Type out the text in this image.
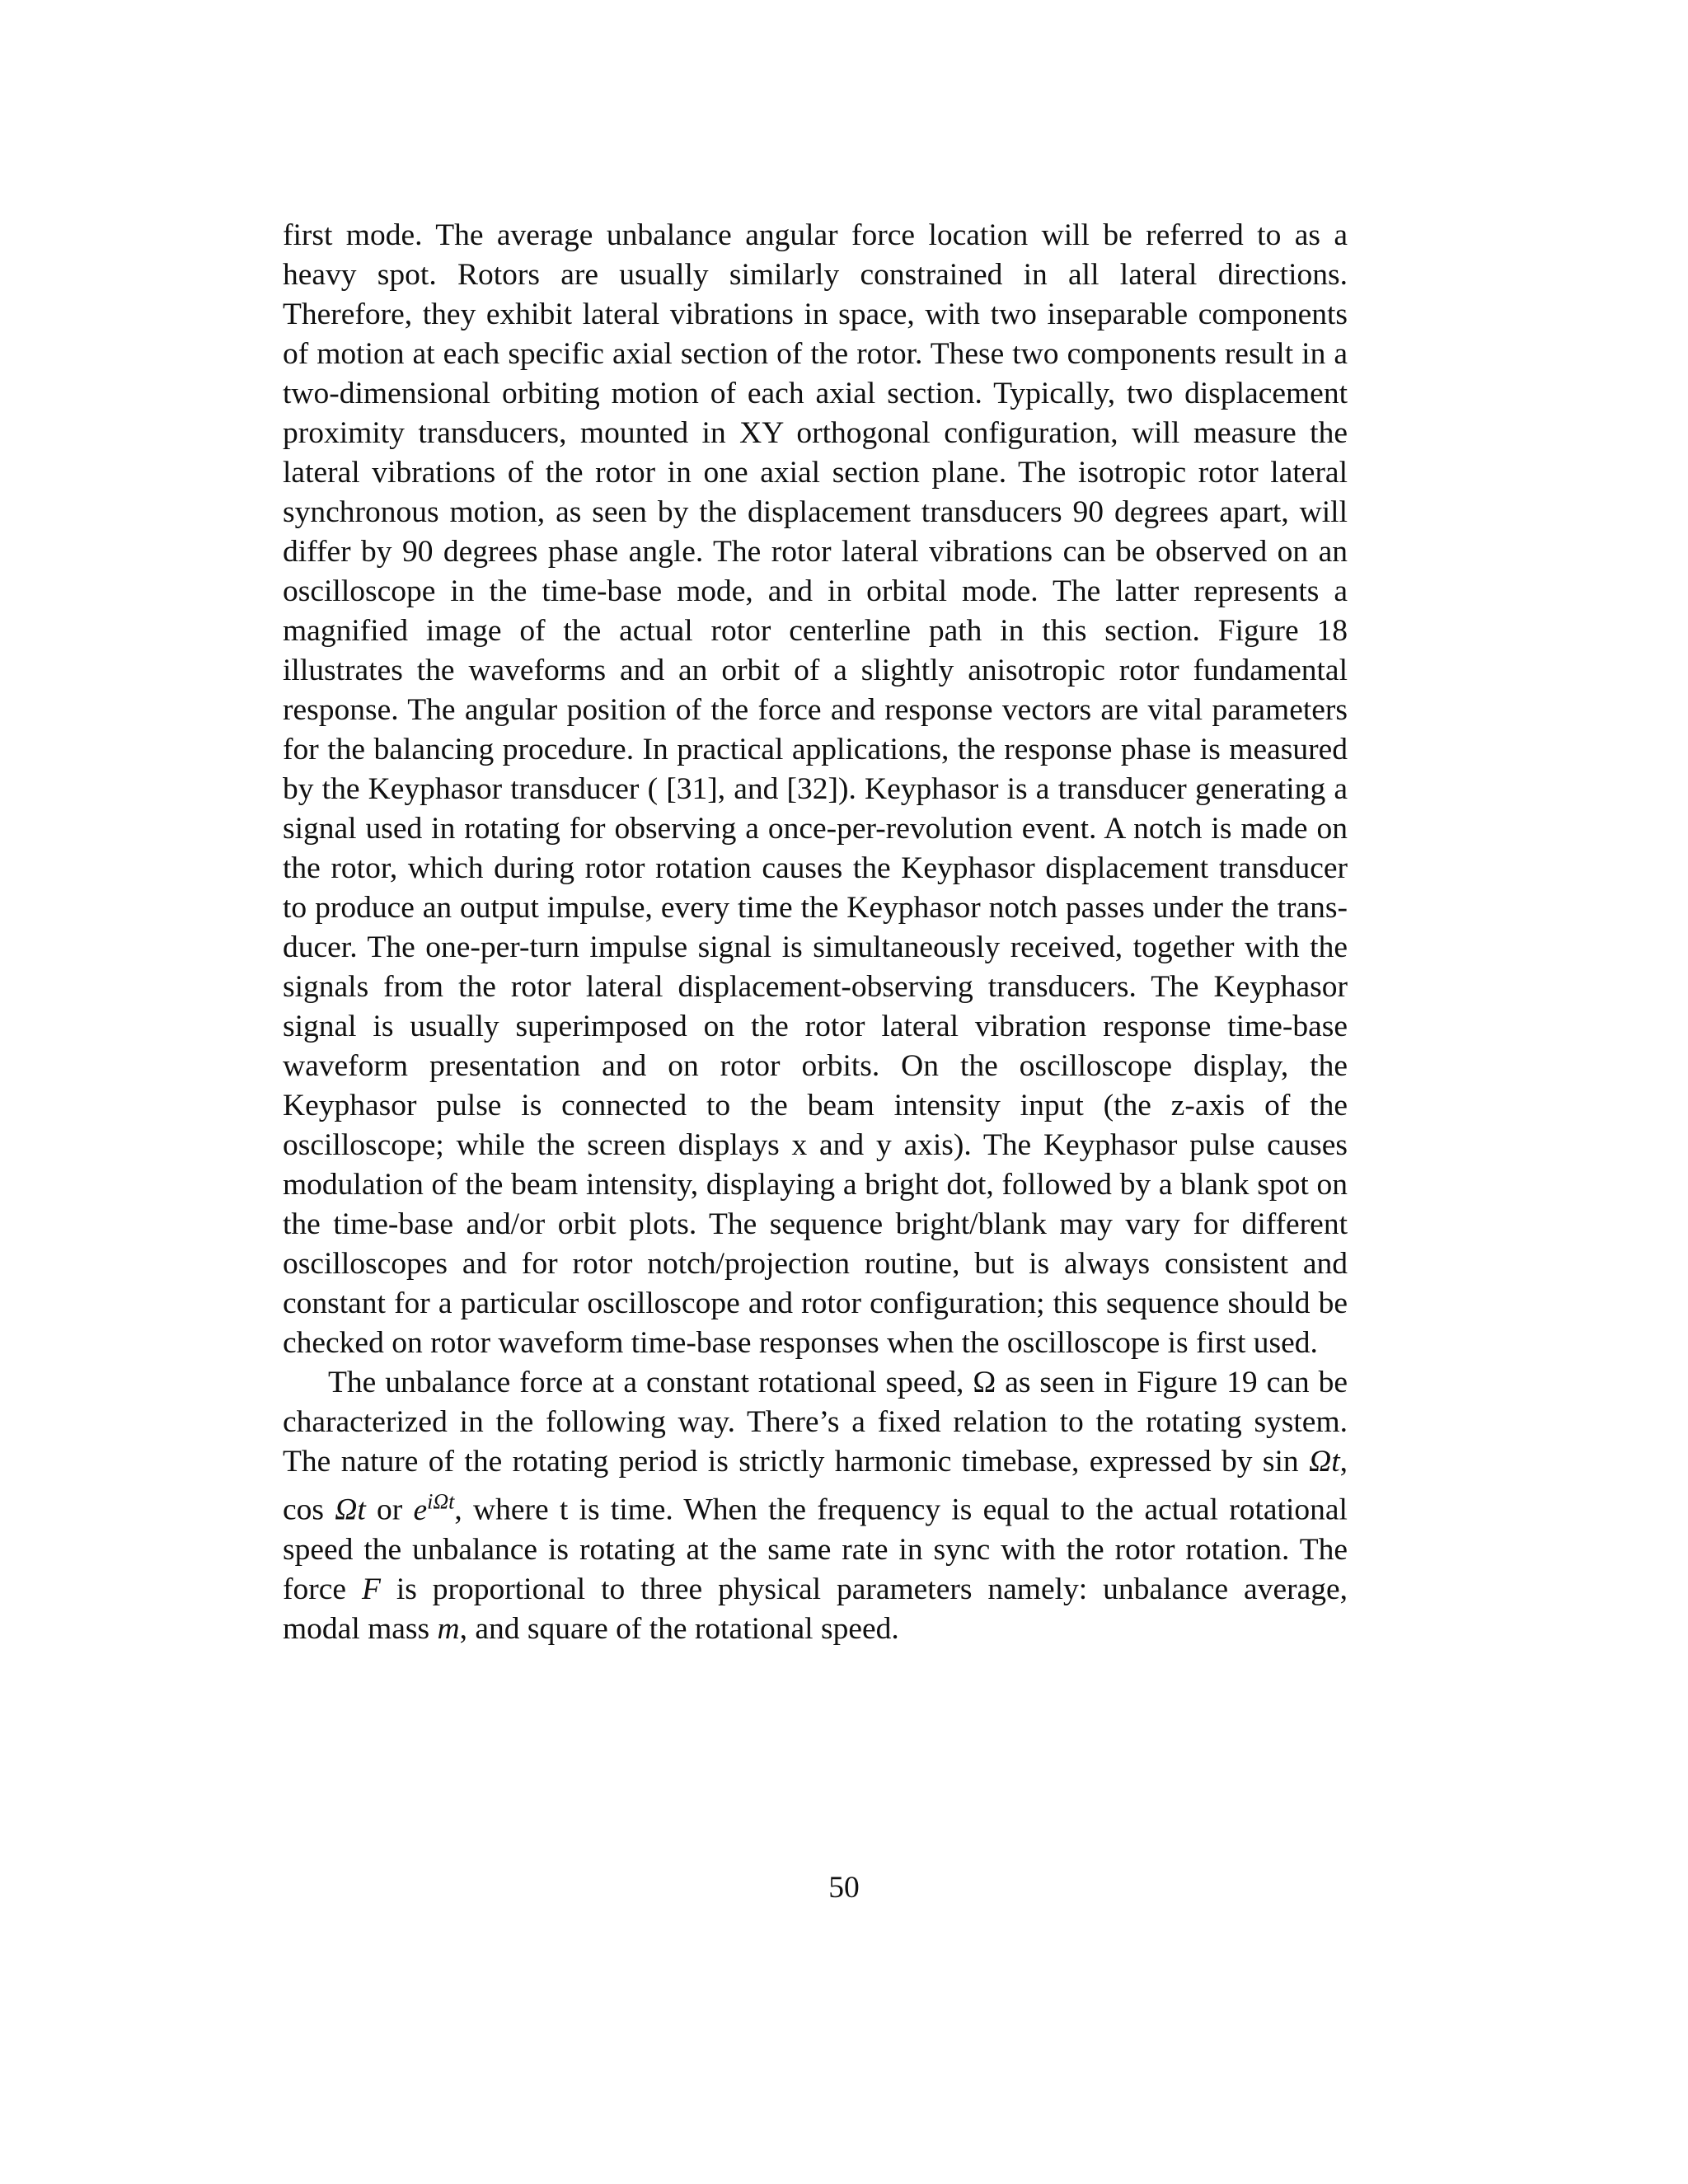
first mode. The average unbalance angular force location will be referred to as a heavy spot. Rotors are usually similarly constrained in all lateral directions. Therefore, they exhibit lateral vibrations in space, with two inseparable components of motion at each specific axial section of the rotor. These two components result in a two-dimensional orbiting motion of each axial section. Typically, two displacement proximity transducers, mounted in XY orthogonal configuration, will measure the lateral vibrations of the rotor in one axial section plane. The isotropic rotor lateral synchronous motion, as seen by the displacement transducers 90 degrees apart, will differ by 90 degrees phase angle. The rotor lateral vibrations can be observed on an oscilloscope in the time-base mode, and in orbital mode. The latter represents a magnified image of the actual rotor centerline path in this section. Figure 18 illustrates the waveforms and an orbit of a slightly anisotropic rotor fundamental response. The angular position of the force and response vectors are vital parameters for the balancing procedure. In practical applications, the response phase is measured by the Keyphasor transducer ( [31], and [32]). Keyphasor is a transducer generating a signal used in rotating for observing a once-per-revolution event. A notch is made on the rotor, which during rotor rotation causes the Keyphasor displacement transducer to produce an output impulse, every time the Keyphasor notch passes under the transducer. The one-per-turn impulse signal is simultaneously received, together with the signals from the rotor lateral displacement-observing transducers. The Keyphasor signal is usually superimposed on the rotor lateral vibration response time-base waveform presentation and on rotor orbits. On the oscilloscope display, the Keyphasor pulse is connected to the beam intensity input (the z-axis of the oscilloscope; while the screen displays x and y axis). The Keyphasor pulse causes modulation of the beam intensity, displaying a bright dot, followed by a blank spot on the time-base and/or orbit plots. The sequence bright/blank may vary for different oscilloscopes and for rotor notch/projection routine, but is always consistent and constant for a particular oscilloscope and rotor configuration; this sequence should be checked on rotor waveform time-base responses when the oscilloscope is first used.

The unbalance force at a constant rotational speed, Ω as seen in Figure 19 can be characterized in the following way. There’s a fixed relation to the rotating system. The nature of the rotating period is strictly harmonic timebase, expressed by sin Ωt, cos Ωt or $e^{i\Omega t}$, where t is time. When the frequency is equal to the actual rotational speed the unbalance is rotating at the same rate in sync with the rotor rotation. The force F is proportional to three physical parameters namely: unbalance average, modal mass m, and square of the rotational speed.

50
